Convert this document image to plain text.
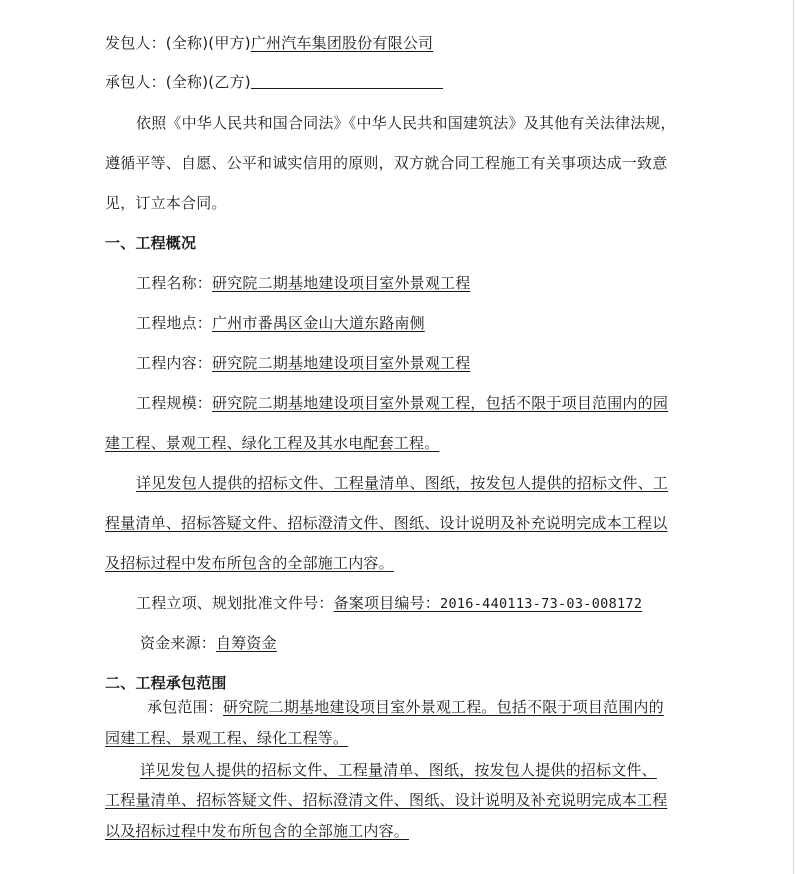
发包人：(全称)(甲方)广州汽车集团股份有限公司
承包人：(全称)(乙方)
依照《中华人民共和国合同法》《中华人民共和国建筑法》及其他有关法律法规，
遵循平等、自愿、公平和诚实信用的原则，双方就合同工程施工有关事项达成一致意
见，订立本合同。
一、工程概况
工程名称：研究院二期基地建设项目室外景观工程
工程地点：广州市番禺区金山大道东路南侧
工程内容：研究院二期基地建设项目室外景观工程
工程规模：研究院二期基地建设项目室外景观工程，包括不限于项目范围内的园
建工程、景观工程、绿化工程及其水电配套工程。
详见发包人提供的招标文件、工程量清单、图纸，按发包人提供的招标文件、工
程量清单、招标答疑文件、招标澄清文件、图纸、设计说明及补充说明完成本工程以
及招标过程中发布所包含的全部施工内容。
工程立项、规划批准文件号：备案项目编号：2016-440113-73-03-008172
资金来源：自筹资金
二、工程承包范围
承包范围：研究院二期基地建设项目室外景观工程。包括不限于项目范围内的
园建工程、景观工程、绿化工程等。
详见发包人提供的招标文件、工程量清单、图纸，按发包人提供的招标文件、
工程量清单、招标答疑文件、招标澄清文件、图纸、设计说明及补充说明完成本工程
以及招标过程中发布所包含的全部施工内容。
